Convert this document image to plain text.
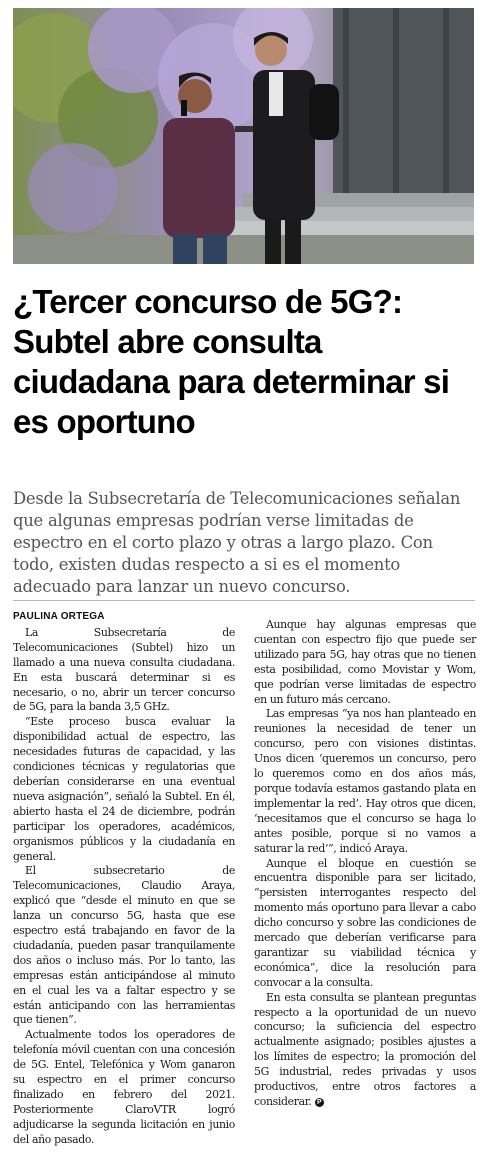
¿Tercer concurso de 5G?: Subtel abre consulta ciudadana para determinar si es oportuno

Desde la Subsecretaría de Telecomunicaciones señalan que algunas empresas podrían verse limitadas de espectro en el corto plazo y otras a largo plazo. Con todo, existen dudas respecto a si es el momento adecuado para lanzar un nuevo concurso.

PAULINA ORTEGA

La Subsecretaría de Telecomunicaciones (Subtel) hizo un llamado a una nueva consulta ciudadana. En esta buscará determinar si es necesario, o no, abrir un tercer concurso de 5G, para la banda 3,5 GHz.

“Este proceso busca evaluar la disponibilidad actual de espectro, las necesidades futuras de capacidad, y las condiciones técnicas y regulatorias que deberían considerarse en una eventual nueva asignación”, señaló la Subtel. En él, abierto hasta el 24 de diciembre, podrán participar los operadores, académicos, organismos públicos y la ciudadanía en general.

El subsecretario de Telecomunicaciones, Claudio Araya, explicó que “desde el minuto en que se lanza un concurso 5G, hasta que ese espectro está trabajando en favor de la ciudadanía, pueden pasar tranquilamente dos años o incluso más. Por lo tanto, las empresas están anticipándose al minuto en el cual les va a faltar espectro y se están anticipando con las herramientas que tienen”.

Actualmente todos los operadores de telefonía móvil cuentan con una concesión de 5G. Entel, Telefónica y Wom ganaron su espectro en el primer concurso finalizado en febrero del 2021. Posteriormente ClaroVTR logró adjudicarse la segunda licitación en junio del año pasado.

Aunque hay algunas empresas que cuentan con espectro fijo que puede ser utilizado para 5G, hay otras que no tienen esta posibilidad, como Movistar y Wom, que podrían verse limitadas de espectro en un futuro más cercano.

Las empresas “ya nos han planteado en reuniones la necesidad de tener un concurso, pero con visiones distintas. Unos dicen ‘queremos un concurso, pero lo queremos como en dos años más, porque todavía estamos gastando plata en implementar la red’. Hay otros que dicen, ‘necesitamos que el concurso se haga lo antes posible, porque si no vamos a saturar la red’”, indicó Araya.

Aunque el bloque en cuestión se encuentra disponible para ser licitado, “persisten interrogantes respecto del momento más oportuno para llevar a cabo dicho concurso y sobre las condiciones de mercado que deberían verificarse para garantizar su viabilidad técnica y económica”, dice la resolución para convocar a la consulta.

En esta consulta se plantean preguntas respecto a la oportunidad de un nuevo concurso; la suficiencia del espectro actualmente asignado; posibles ajustes a los límites de espectro; la promoción del 5G industrial, redes privadas y usos productivos, entre otros factores a considerar. P
